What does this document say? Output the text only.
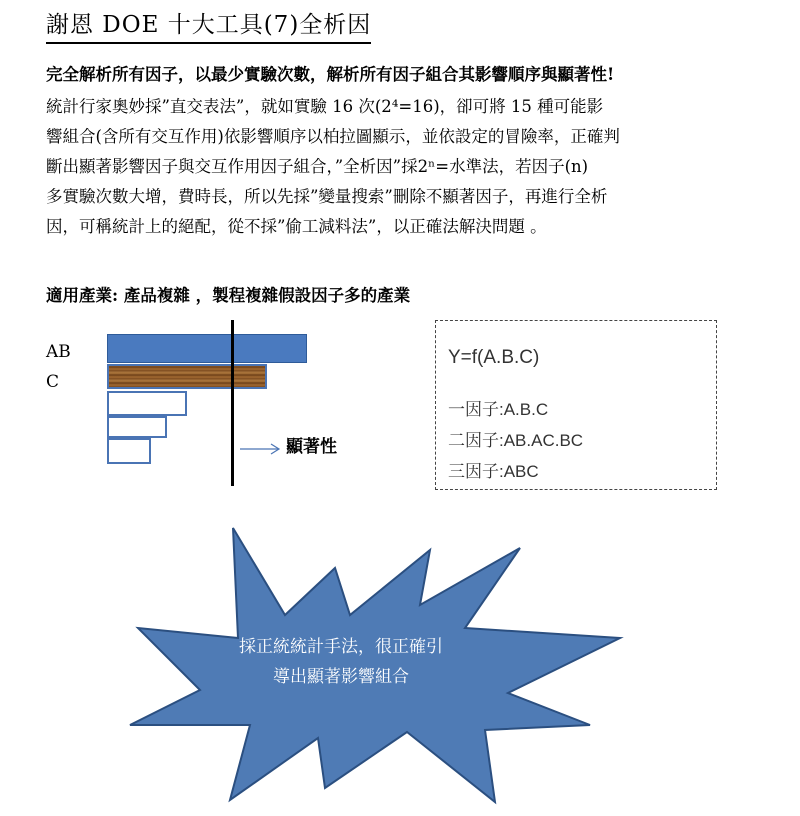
謝恩 DOE 十大工具(7)全析因
完全解析所有因子，以最少實驗次數，解析所有因子組合其影響順序與顯著性!
統計行家奧妙採”直交表法”，就如實驗 16 次(2⁴=16)，卻可將 15 種可能影
響組合(含所有交互作用)依影響順序以柏拉圖顯示，並依設定的冒險率，正確判
斷出顯著影響因子與交互作用因子組合，”全析因”採2ⁿ=水準法，若因子(n)
多實驗次數大增，費時長，所以先採”變量搜索”刪除不顯著因子，再進行全析
因，可稱統計上的絕配，從不採”偷工減料法”，以正確法解決問題 。
適用產業: 產品複雜 ，製程複雜假設因子多的產業
AB
C
顯著性
Y=f(A.B.C)
一因子:A.B.C
二因子:AB.AC.BC
三因子:ABC
採正統統計手法，很正確引導出顯著影響組合
